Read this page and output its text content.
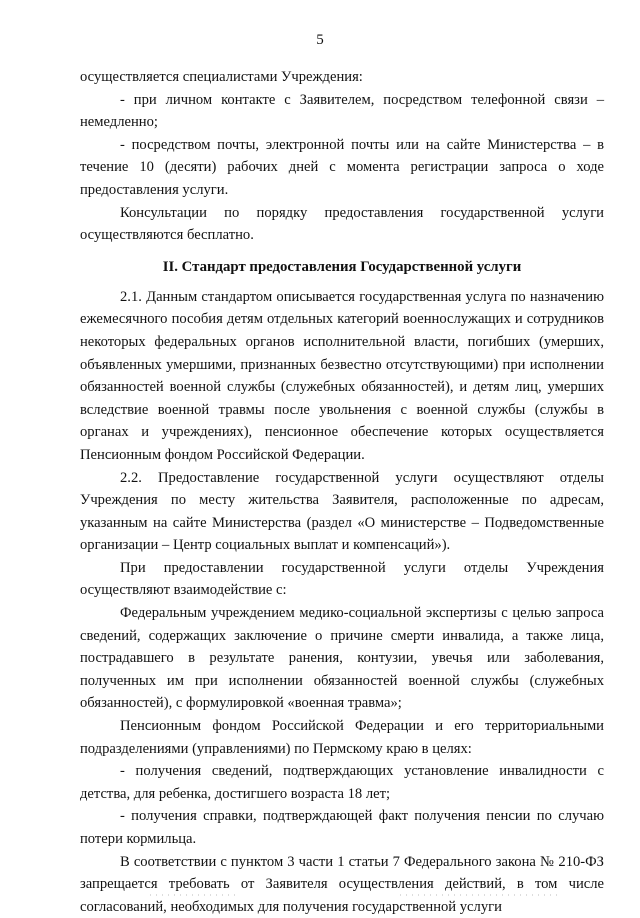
5

осуществляется специалистами Учреждения:

- при личном контакте с Заявителем, посредством телефонной связи – немедленно;

- посредством почты, электронной почты или на сайте Министерства – в течение 10 (десяти) рабочих дней с момента регистрации запроса о ходе предоставления услуги.

Консультации по порядку предоставления государственной услуги осуществляются бесплатно.

II. Стандарт предоставления Государственной услуги

2.1. Данным стандартом описывается государственная услуга по назначению ежемесячного пособия детям отдельных категорий военнослужащих и сотрудников некоторых федеральных органов исполнительной власти, погибших (умерших, объявленных умершими, признанных безвестно отсутствующими) при исполнении обязанностей военной службы (служебных обязанностей), и детям лиц, умерших вследствие военной травмы после увольнения с военной службы (службы в органах и учреждениях), пенсионное обеспечение которых осуществляется Пенсионным фондом Российской Федерации.

2.2. Предоставление государственной услуги осуществляют отделы Учреждения по месту жительства Заявителя, расположенные по адресам, указанным на сайте Министерства (раздел «О министерстве – Подведомственные организации – Центр социальных выплат и компенсаций»).

При предоставлении государственной услуги отделы Учреждения осуществляют взаимодействие с:

Федеральным учреждением медико-социальной экспертизы с целью запроса сведений, содержащих заключение о причине смерти инвалида, а также лица, пострадавшего в результате ранения, контузии, увечья или заболевания, полученных им при исполнении обязанностей военной службы (служебных обязанностей), с формулировкой «военная травма»;

Пенсионным фондом Российской Федерации и его территориальными подразделениями (управлениями) по Пермскому краю в целях:

- получения сведений, подтверждающих установление инвалидности с детства, для ребенка, достигшего возраста 18 лет;

- получения справки, подтверждающей факт получения пенсии по случаю потери кормильца.

В соответствии с пунктом 3 части 1 статьи 7 Федерального закона № 210-ФЗ запрещается требовать от Заявителя осуществления действий, в том числе согласований, необходимых для получения государственной услуги
